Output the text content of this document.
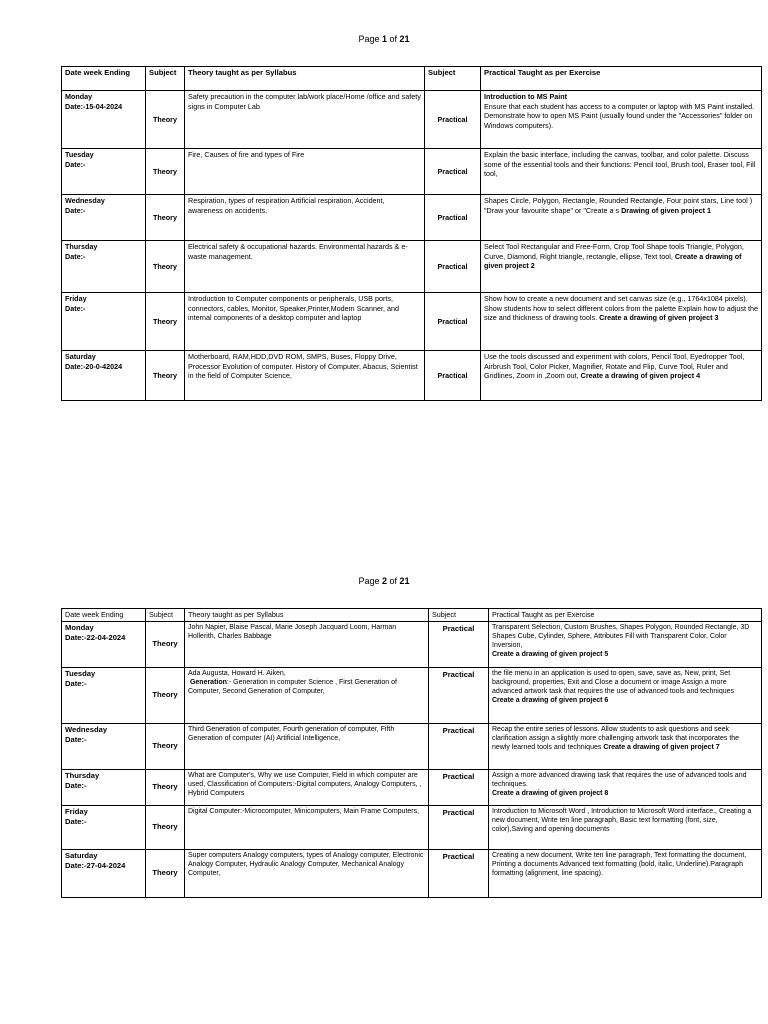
Page 1 of 21
Date week Ending	Subject	Theory taught as per Syllabus	Subject	Practical Taught as per Exercise

Monday
Date:-15-04-2024	Theory	Safety precaution in the computer lab/work place/Home /office and safety signs in Computer Lab	Practical	Introduction to MS Paint
Ensure that each student has access to a computer or laptop with MS Paint installed. Demonstrate how to open MS Paint (usually found under the "Accessories" folder on Windows computers).

Tuesday
Date:-	Theory	Fire, Causes of fire and types of Fire	Practical	Explain the basic interface, including the canvas, toolbar, and color palette. Discuss some of the essential tools and their functions: Pencil tool, Brush tool, Eraser tool, Fill tool,

Wednesday
Date:-	Theory	Respiration, types of respiration Artificial respiration, Accident, awareness on accidents.	Practical	Shapes Circle, Polygon, Rectangle, Rounded Rectangle, Four point stars, Line tool ) "Draw your favourite shape" or "Create a s Drawing of given project 1

Thursday
Date:-	Theory	Electrical safety & occupational hazards. Environmental hazards & e- waste management.	Practical	Select Tool Rectangular and Free-Form, Crop Tool Shape tools Triangle, Polygon, Curve, Diamond, Right triangle, rectangle, ellipse, Text tool, Create a drawing of given project 2

Friday
Date:-	Theory	Introduction to Computer components or peripherals, USB ports, connectors, cables, Monitor, Speaker,Printer,Modem Scanner, and internal components of a desktop computer and laptop	Practical	Show how to create a new document and set canvas size (e.g., 1764x1084 pixels). Show students how to select different colors from the palette Explain how to adjust the size and thickness of drawing tools. Create a drawing of given project 3

Saturday
Date:-20-0-42024	Theory	Motherboard, RAM,HDD,DVD ROM, SMPS, Buses, Floppy Drive, Processor Evolution of computer. History of Computer, Abacus, Scientist in the field of Computer Science,	Practical	Use the tools discussed and experiment with colors, Pencil Tool, Eyedropper Tool, Airbrush Tool, Color Picker, Magnifier, Rotate and Flip, Curve Tool, Ruler and Gridlines, Zoom in ,Zoom out, Create a drawing of given project 4
Page 2 of 21
Date week Ending	Subject	Theory taught as per Syllabus	Subject	Practical Taught as per Exercise

Monday
Date:-22-04-2024	Theory	John Napier, Blaise Pascal, Marie Joseph Jacquard Loom, Harman Hollerith, Charles Babbage	Practical	Transparent Selection, Custom Brushes, Shapes Polygon, Rounded Rectangle, 3D Shapes Cube, Cylinder, Sphere, Attributes Fill with Transparent Color, Color Inversion,
Create a drawing of given project 5

Tuesday
Date:-	Theory	Ada Augusta, Howard H. Aiken,
Generation:- Generation in computer Science , First Generation of Computer, Second Generation of Computer,	Practical	the file menu in an application is used to open, save, save as, New, print, Set background, properties, Exit and Close a document or image Assign a more advanced artwork task that requires the use of advanced tools and techniques
Create a drawing of given project 6

Wednesday
Date:-	Theory	Third Generation of computer, Fourth generation of computer, Fifth Generation of computer (AI) Artificial Intelligence,	Practical	Recap the entire series of lessons. Allow students to ask questions and seek clarification assign a slightly more challenging artwork task that incorporates the newly learned tools and techniques Create a drawing of given project 7

Thursday
Date:-	Theory	What are Computer's, Why we use Computer, Field in which computer are used, Classification of Computers:-Digital computers, Analogy Computers, , Hybrid Computers	Practical	Assign a more advanced drawing task that requires the use of advanced tools and techniques.
Create a drawing of given project 8

Friday
Date:-	Theory	Digital Computer:-Microcomputer, Minicomputers, Main Frame Computers,	Practical	Introduction to Microsoft Word , Introduction to Microsoft Word interface., Creating a new document, Write ten line paragraph, Basic text formatting (font, size, color),Saving and opening documents

Saturday
Date:-27-04-2024	Theory	Super computers Analogy computers, types of Analogy computer, Electronic Analogy Computer, Hydraulic Analogy Computer, Mechanical Analogy Computer,	Practical	Creating a new document, Write ten line paragraph, Text formatting the document, Printing a documents Advanced text formatting (bold, italic, Underline).Paragraph formatting (alignment, line spacing).
